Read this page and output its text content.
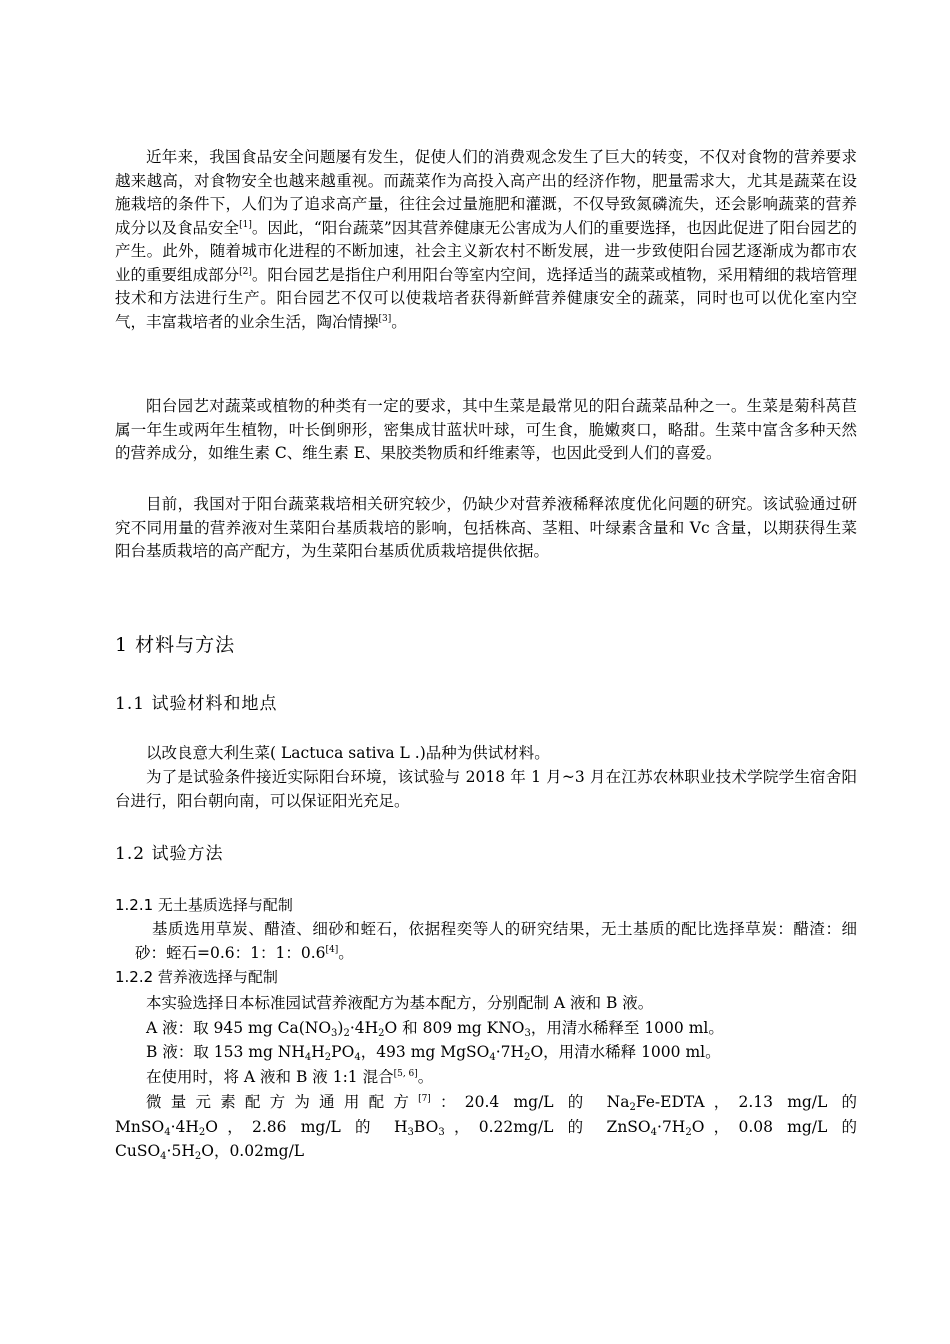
近年来，我国食品安全问题屡有发生，促使人们的消费观念发生了巨大的转变，不仅对食物的营养要求越来越高，对食物安全也越来越重视。而蔬菜作为高投入高产出的经济作物，肥量需求大，尤其是蔬菜在设施栽培的条件下，人们为了追求高产量，往往会过量施肥和灌溉，不仅导致氮磷流失，还会影响蔬菜的营养成分以及食品安全[1]。因此，“阳台蔬菜”因其营养健康无公害成为人们的重要选择，也因此促进了阳台园艺的产生。此外，随着城市化进程的不断加速，社会主义新农村不断发展，进一步致使阳台园艺逐渐成为都市农业的重要组成部分[2]。阳台园艺是指住户利用阳台等室内空间，选择适当的蔬菜或植物，采用精细的栽培管理技术和方法进行生产。阳台园艺不仅可以使栽培者获得新鲜营养健康安全的蔬菜，同时也可以优化室内空气，丰富栽培者的业余生活，陶冶情操[3]。

阳台园艺对蔬菜或植物的种类有一定的要求，其中生菜是最常见的阳台蔬菜品种之一。生菜是菊科莴苣属一年生或两年生植物，叶长倒卵形，密集成甘蓝状叶球，可生食，脆嫩爽口，略甜。生菜中富含多种天然的营养成分，如维生素 C、维生素 E、果胶类物质和纤维素等，也因此受到人们的喜爱。

目前，我国对于阳台蔬菜栽培相关研究较少，仍缺少对营养液稀释浓度优化问题的研究。该试验通过研究不同用量的营养液对生菜阳台基质栽培的影响，包括株高、茎粗、叶绿素含量和 Vc 含量，以期获得生菜阳台基质栽培的高产配方，为生菜阳台基质优质栽培提供依据。

1 材料与方法
1.1 试验材料和地点

以改良意大利生菜( Lactuca sativa L .)品种为供试材料。

为了是试验条件接近实际阳台环境，该试验与 2018 年 1 月~3 月在江苏农林职业技术学院学生宿舍阳台进行，阳台朝向南，可以保证阳光充足。

1.2 试验方法
1.2.1 无土基质选择与配制

基质选用草炭、醋渣、细砂和蛭石，依据程奕等人的研究结果，无土基质的配比选择草炭：醋渣：细砂：蛭石=0.6：1：1：0.6[4]。

1.2.2 营养液选择与配制

本实验选择日本标准园试营养液配方为基本配方，分别配制 A 液和 B 液。

A 液：取 945 mg $Ca(NO_3)_2\cdot 4H_2O$ 和 809 mg $KNO_3$，用清水稀释至 1000 ml。

B 液：取 153 mg $NH_4H_2PO_4$，493 mg $MgSO_4\cdot 7H_2O$，用清水稀释 1000 ml。

在使用时，将 A 液和 B 液 1:1 混合[5, 6]。

微量元素配方为通用配方[7]：20.4 mg/L 的 $Na_2Fe$-EDTA，2.13 mg/L 的

$MnSO_4\cdot 4H_2O$，2.86 mg/L 的 $H_3BO_3$，0.22mg/L 的 $ZnSO_4\cdot 7H_2O$，0.08 mg/L 的

$CuSO_4\cdot 5H_2O$，0.02mg/L
